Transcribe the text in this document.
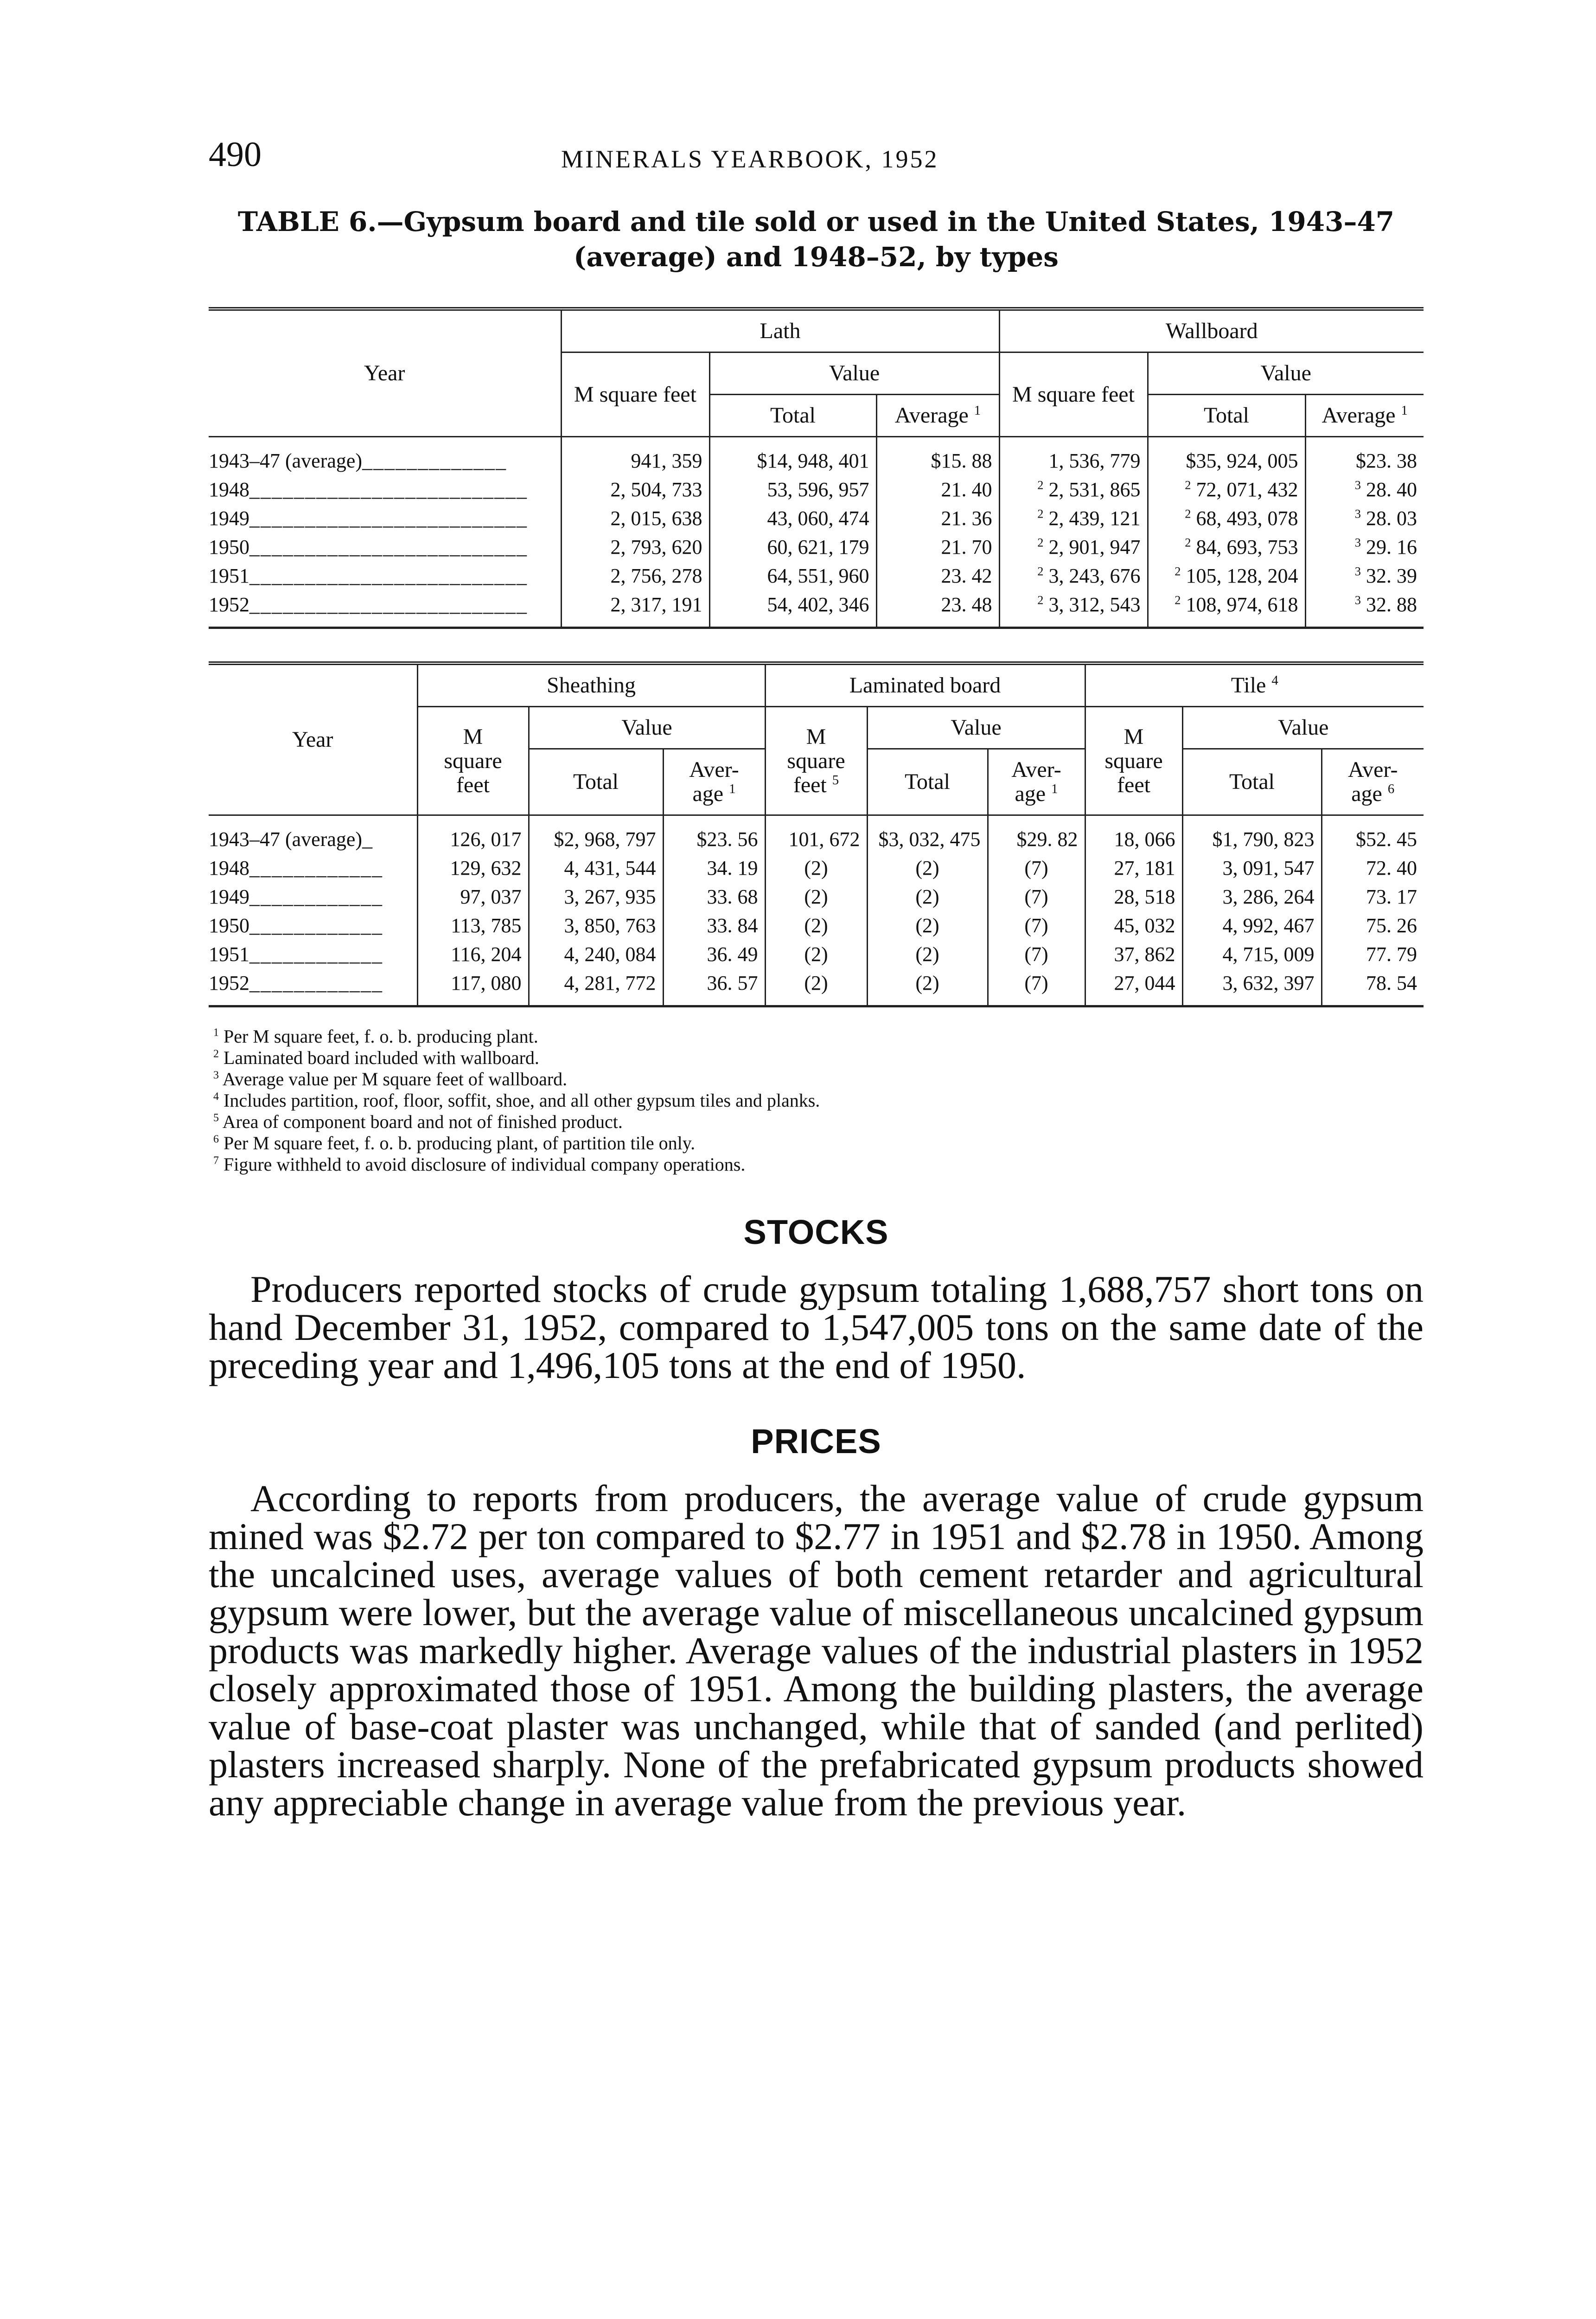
490	MINERALS YEARBOOK, 1952
TABLE 6.—Gypsum board and tile sold or used in the United States, 1943–47
(average) and 1948–52, by types
Year	Lath			Wallboard		
	M square feet	Value		M square feet	Value	
		Total	Average $^1$		Total	Average $^1$
1943–47 (average)_____________	941, 359	$14, 948, 401	$15. 88	1, 536, 779	$35, 924, 005	$23. 38
1948_________________________	2, 504, 733	53, 596, 957	21. 40	$^2$ 2, 531, 865	$^2$ 72, 071, 432	$^3$ 28. 40
1949_________________________	2, 015, 638	43, 060, 474	21. 36	$^2$ 2, 439, 121	$^2$ 68, 493, 078	$^3$ 28. 03
1950_________________________	2, 793, 620	60, 621, 179	21. 70	$^2$ 2, 901, 947	$^2$ 84, 693, 753	$^3$ 29. 16
1951_________________________	2, 756, 278	64, 551, 960	23. 42	$^2$ 3, 243, 676	$^2$ 105, 128, 204	$^3$ 32. 39
1952_________________________	2, 317, 191	54, 402, 346	23. 48	$^2$ 3, 312, 543	$^2$ 108, 974, 618	$^3$ 32. 88
Year	Sheathing			Laminated board			Tile $^4$
	M
square
feet	Value		M
square
feet $^5$	Value		M
square
feet	Value	
		Total	Aver-
age $^1$		Total	Aver-
age $^1$		Total	Aver-
age $^6$
1943–47 (average)_	126, 017	$2, 968, 797	$23. 56	101, 672	$3, 032, 475	$29. 82	18, 066	$1, 790, 823	$52. 45
1948____________	129, 632	4, 431, 544	34. 19	(2)	(2)	(7)	27, 181	3, 091, 547	72. 40
1949____________	97, 037	3, 267, 935	33. 68	(2)	(2)	(7)	28, 518	3, 286, 264	73. 17
1950____________	113, 785	3, 850, 763	33. 84	(2)	(2)	(7)	45, 032	4, 992, 467	75. 26
1951____________	116, 204	4, 240, 084	36. 49	(2)	(2)	(7)	37, 862	4, 715, 009	77. 79
1952____________	117, 080	4, 281, 772	36. 57	(2)	(2)	(7)	27, 044	3, 632, 397	78. 54
$^1$ Per M square feet, f. o. b. producing plant.
$^2$ Laminated board included with wallboard.
$^3$ Average value per M square feet of wallboard.
$^4$ Includes partition, roof, floor, soffit, shoe, and all other gypsum tiles and planks.
$^5$ Area of component board and not of finished product.
$^6$ Per M square feet, f. o. b. producing plant, of partition tile only.
$^7$ Figure withheld to avoid disclosure of individual company operations.
STOCKS

Producers reported stocks of crude gypsum totaling 1,688,757 short tons on hand December 31, 1952, compared to 1,547,005 tons on the same date of the preceding year and 1,496,105 tons at the end of 1950.

PRICES

According to reports from producers, the average value of crude gypsum mined was $2.72 per ton compared to $2.77 in 1951 and $2.78 in 1950. Among the uncalcined uses, average values of both cement retarder and agricultural gypsum were lower, but the average value of miscellaneous uncalcined gypsum products was markedly higher. Average values of the industrial plasters in 1952 closely approximated those of 1951. Among the building plasters, the average value of base-coat plaster was unchanged, while that of sanded (and perlited) plasters increased sharply. None of the prefabricated gypsum products showed any appreciable change in average value from the previous year.
